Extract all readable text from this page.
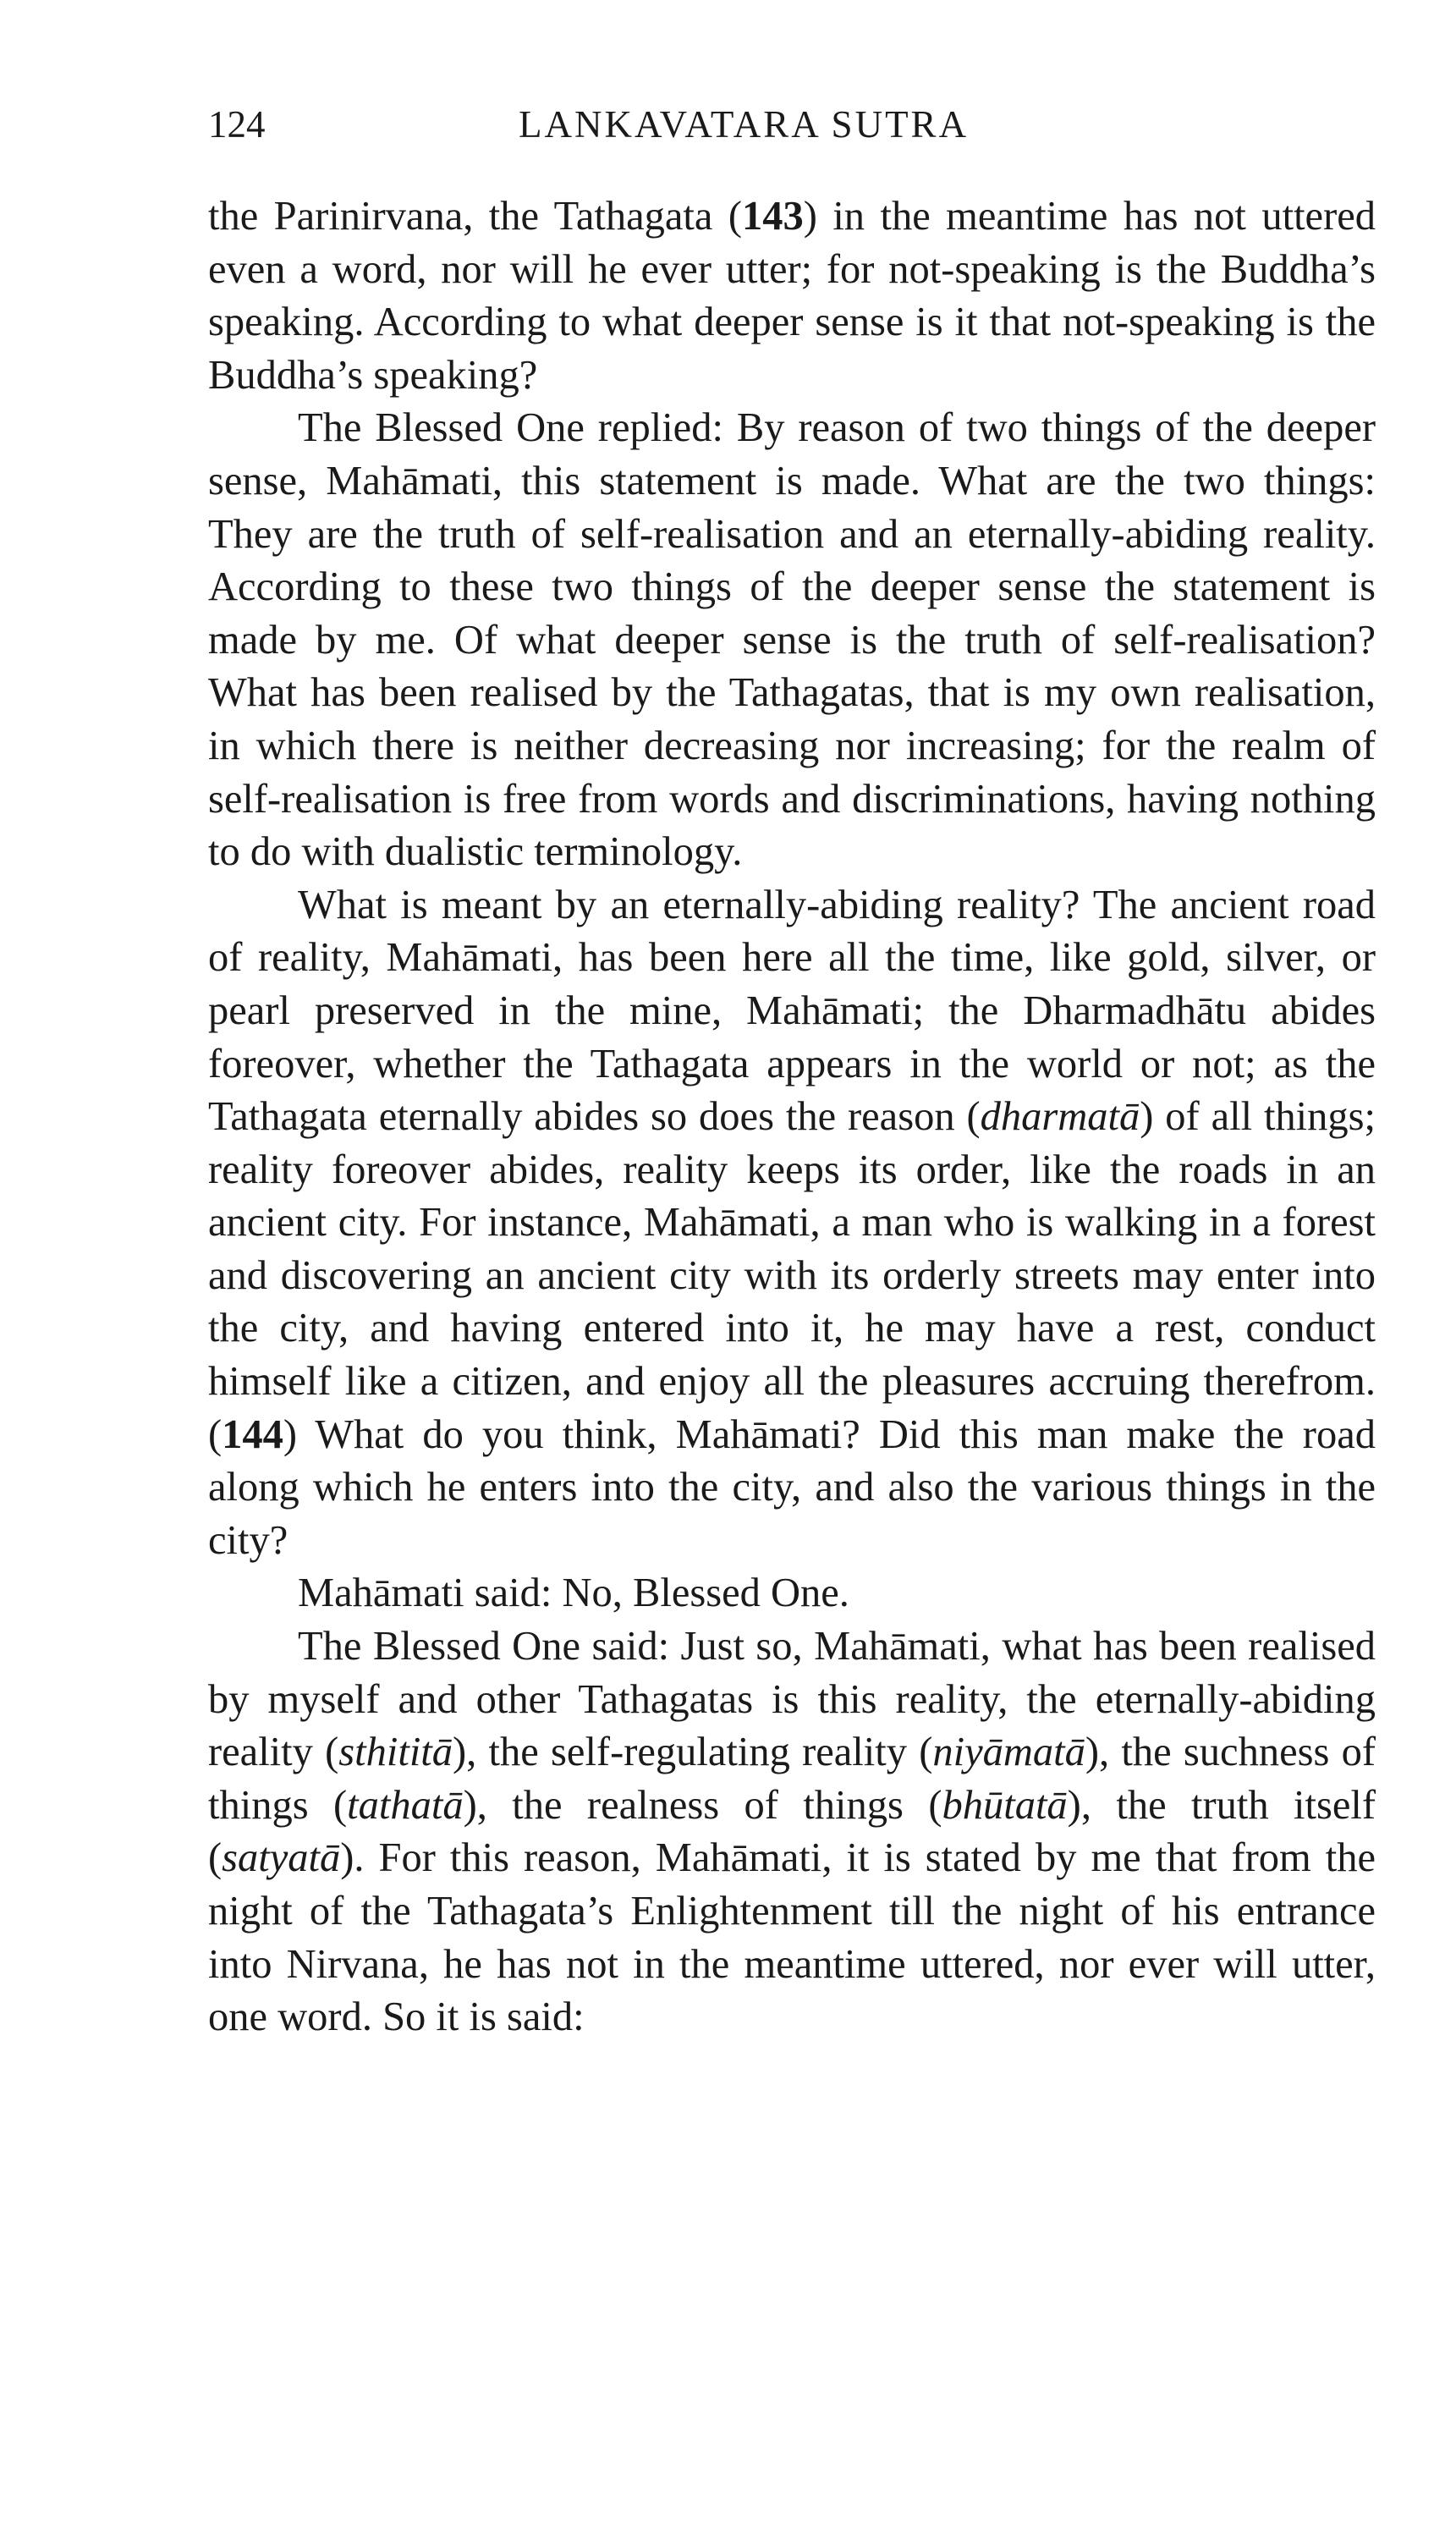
124	LANKAVATARA SUTRA

the Parinirvana, the Tathagata (143) in the meantime has not uttered even a word, nor will he ever utter; for not-speaking is the Buddha’s speaking. According to what deeper sense is it that not-speaking is the Buddha’s speaking?

The Blessed One replied: By reason of two things of the deeper sense, Mahāmati, this statement is made. What are the two things: They are the truth of self-realisation and an eternally-abiding reality. According to these two things of the deeper sense the statement is made by me. Of what deeper sense is the truth of self-realisation? What has been realised by the Tathagatas, that is my own realisation, in which there is neither decreasing nor increasing; for the realm of self-realisation is free from words and discriminations, having nothing to do with dualistic terminology.

What is meant by an eternally-abiding reality? The ancient road of reality, Mahāmati, has been here all the time, like gold, silver, or pearl preserved in the mine, Mahāmati; the Dharmadhātu abides foreover, whether the Tathagata appears in the world or not; as the Tathagata eternally abides so does the reason (dharmatā) of all things; reality foreover abides, reality keeps its order, like the roads in an ancient city. For instance, Mahāmati, a man who is walking in a forest and discovering an ancient city with its orderly streets may enter into the city, and having entered into it, he may have a rest, conduct himself like a citizen, and enjoy all the pleasures accruing therefrom. (144) What do you think, Mahāmati? Did this man make the road along which he enters into the city, and also the various things in the city?

Mahāmati said: No, Blessed One.

The Blessed One said: Just so, Mahāmati, what has been realised by myself and other Tathagatas is this reality, the eternally-abiding reality (sthititā), the self-regulating reality (niyāmatā), the suchness of things (tathatā), the realness of things (bhūtatā), the truth itself (satyatā). For this reason, Mahāmati, it is stated by me that from the night of the Tathagata’s Enlightenment till the night of his entrance into Nirvana, he has not in the meantime uttered, nor ever will utter, one word. So it is said:
